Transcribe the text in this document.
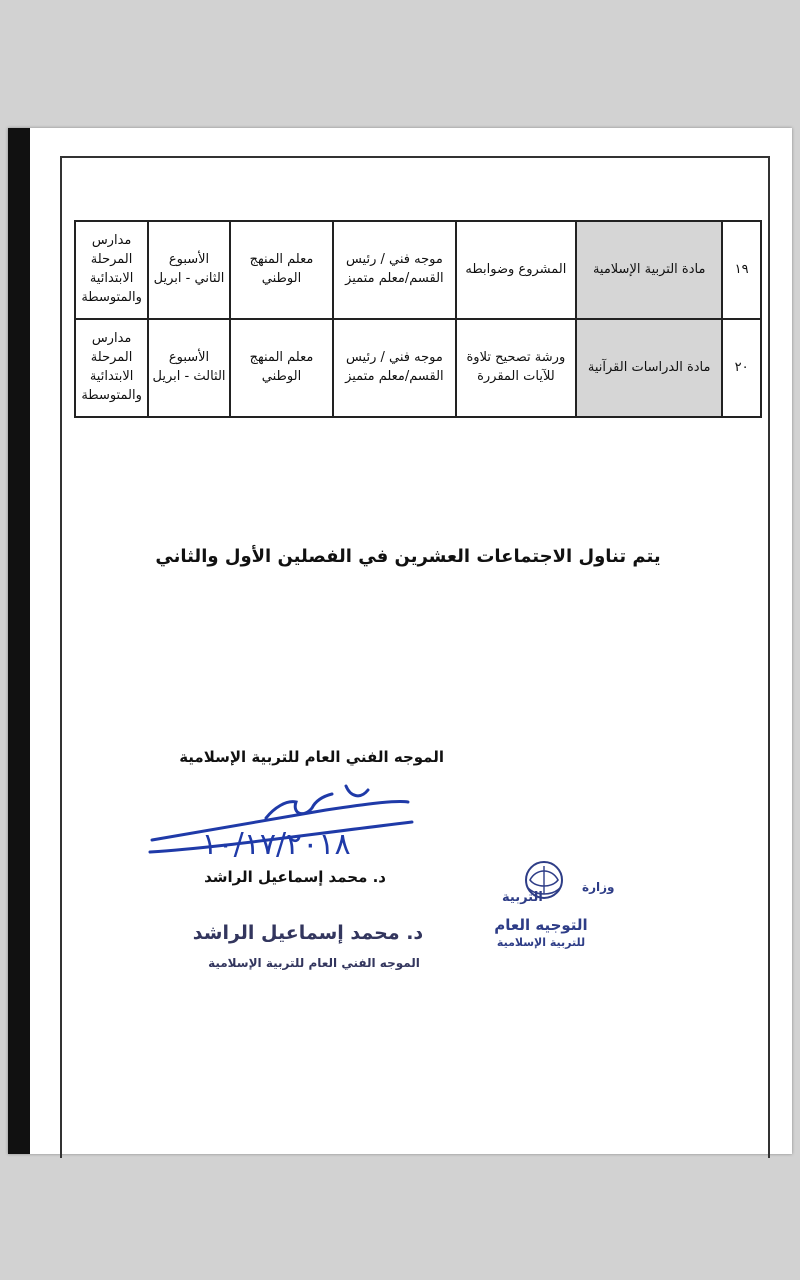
١٩	مادة التربية الإسلامية	المشروع وضوابطه	موجه فني / رئيس القسم/معلم متميز	معلم المنهج الوطني	الأسبوع الثاني - ابريل	مدارس المرحلة الابتدائية والمتوسطة
٢٠	مادة الدراسات القرآنية	ورشة تصحيح تلاوة للآيات المقررة	موجه فني / رئيس القسم/معلم متميز	معلم المنهج الوطني	الأسبوع الثالث - ابريل	مدارس المرحلة الابتدائية والمتوسطة
يتم تناول الاجتماعات العشرين في الفصلين الأول والثاني
الموجه الفني العام للتربية الإسلامية
١٠/١٧/٢٠١٨
د. محمد إسماعيل الراشد
د. محمد إسماعيل الراشد
الموجه الفني العام للتربية الإسلامية
وزارة
التربية
التوجيه العام
للتربية الإسلامية
